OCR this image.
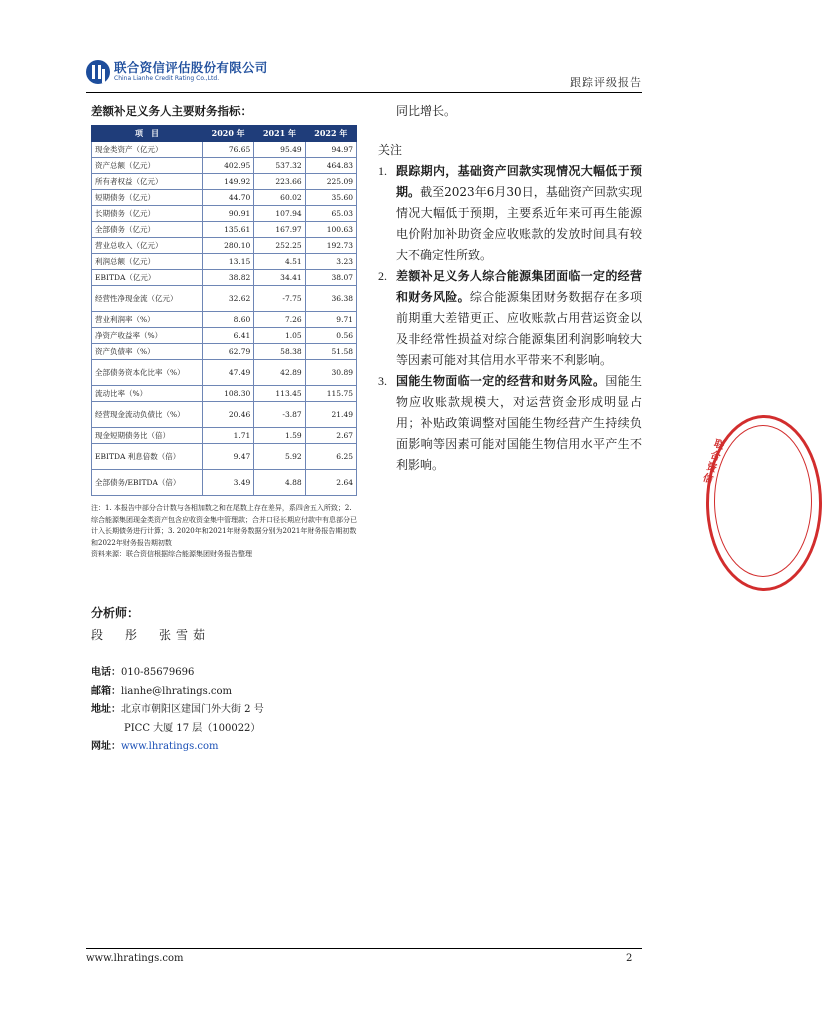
联合资信评估股份有限公司
China Lianhe Credit Rating Co.,Ltd.	跟踪评级报告
差额补足义务人主要财务指标：
项　目	2020 年	2021 年	2022 年
现金类资产（亿元）	76.65	95.49	94.97
资产总额（亿元）	402.95	537.32	464.83
所有者权益（亿元）	149.92	223.66	225.09
短期债务（亿元）	44.70	60.02	35.60
长期债务（亿元）	90.91	107.94	65.03
全部债务（亿元）	135.61	167.97	100.63
营业总收入（亿元）	280.10	252.25	192.73
利润总额（亿元）	13.15	4.51	3.23
EBITDA（亿元）	38.82	34.41	38.07
经营性净现金流（亿元）	32.62	-7.75	36.38
营业利润率（%）	8.60	7.26	9.71
净资产收益率（%）	6.41	1.05	0.56
资产负债率（%）	62.79	58.38	51.58
全部债务资本化比率（%）	47.49	42.89	30.89
流动比率（%）	108.30	113.45	115.75
经营现金流动负债比（%）	20.46	-3.87	21.49
现金短期债务比（倍）	1.71	1.59	2.67
EBITDA 利息倍数（倍）	9.47	5.92	6.25
全部债务/EBITDA（倍）	3.49	4.88	2.64
注：1. 本报告中部分合计数与各相加数之和在尾数上存在差异，系四舍五入所致；2. 综合能源集团现金类资产包含应收资金集中管理款；合并口径长期应付款中有息部分已计入长期债务进行计算；3. 2020年和2021年财务数据分别为2021年财务报告期初数和2022年财务报告期初数
资料来源：联合资信根据综合能源集团财务报告整理

同比增长。

关注

1. 跟踪期内，基础资产回款实现情况大幅低于预期。截至2023年6月30日，基础资产回款实现情况大幅低于预期，主要系近年来可再生能源电价附加补助资金应收账款的发放时间具有较大不确定性所致。

2. 差额补足义务人综合能源集团面临一定的经营和财务风险。综合能源集团财务数据存在多项前期重大差错更正、应收账款占用营运资金以及非经常性损益对综合能源集团利润影响较大等因素可能对其信用水平带来不利影响。

3. 国能生物面临一定的经营和财务风险。国能生物应收账款规模大，对运营资金形成明显占用；补贴政策调整对国能生物经营产生持续负面影响等因素可能对国能生物信用水平产生不利影响。

分析师：
段　彤　张雪茹
电话：010-85679696
邮箱：lianhe@lhratings.com
地址：北京市朝阳区建国门外大街 2 号
PICC 大厦 17 层（100022）
网址：www.lhratings.com
www.lhratings.com	2
联合资信
